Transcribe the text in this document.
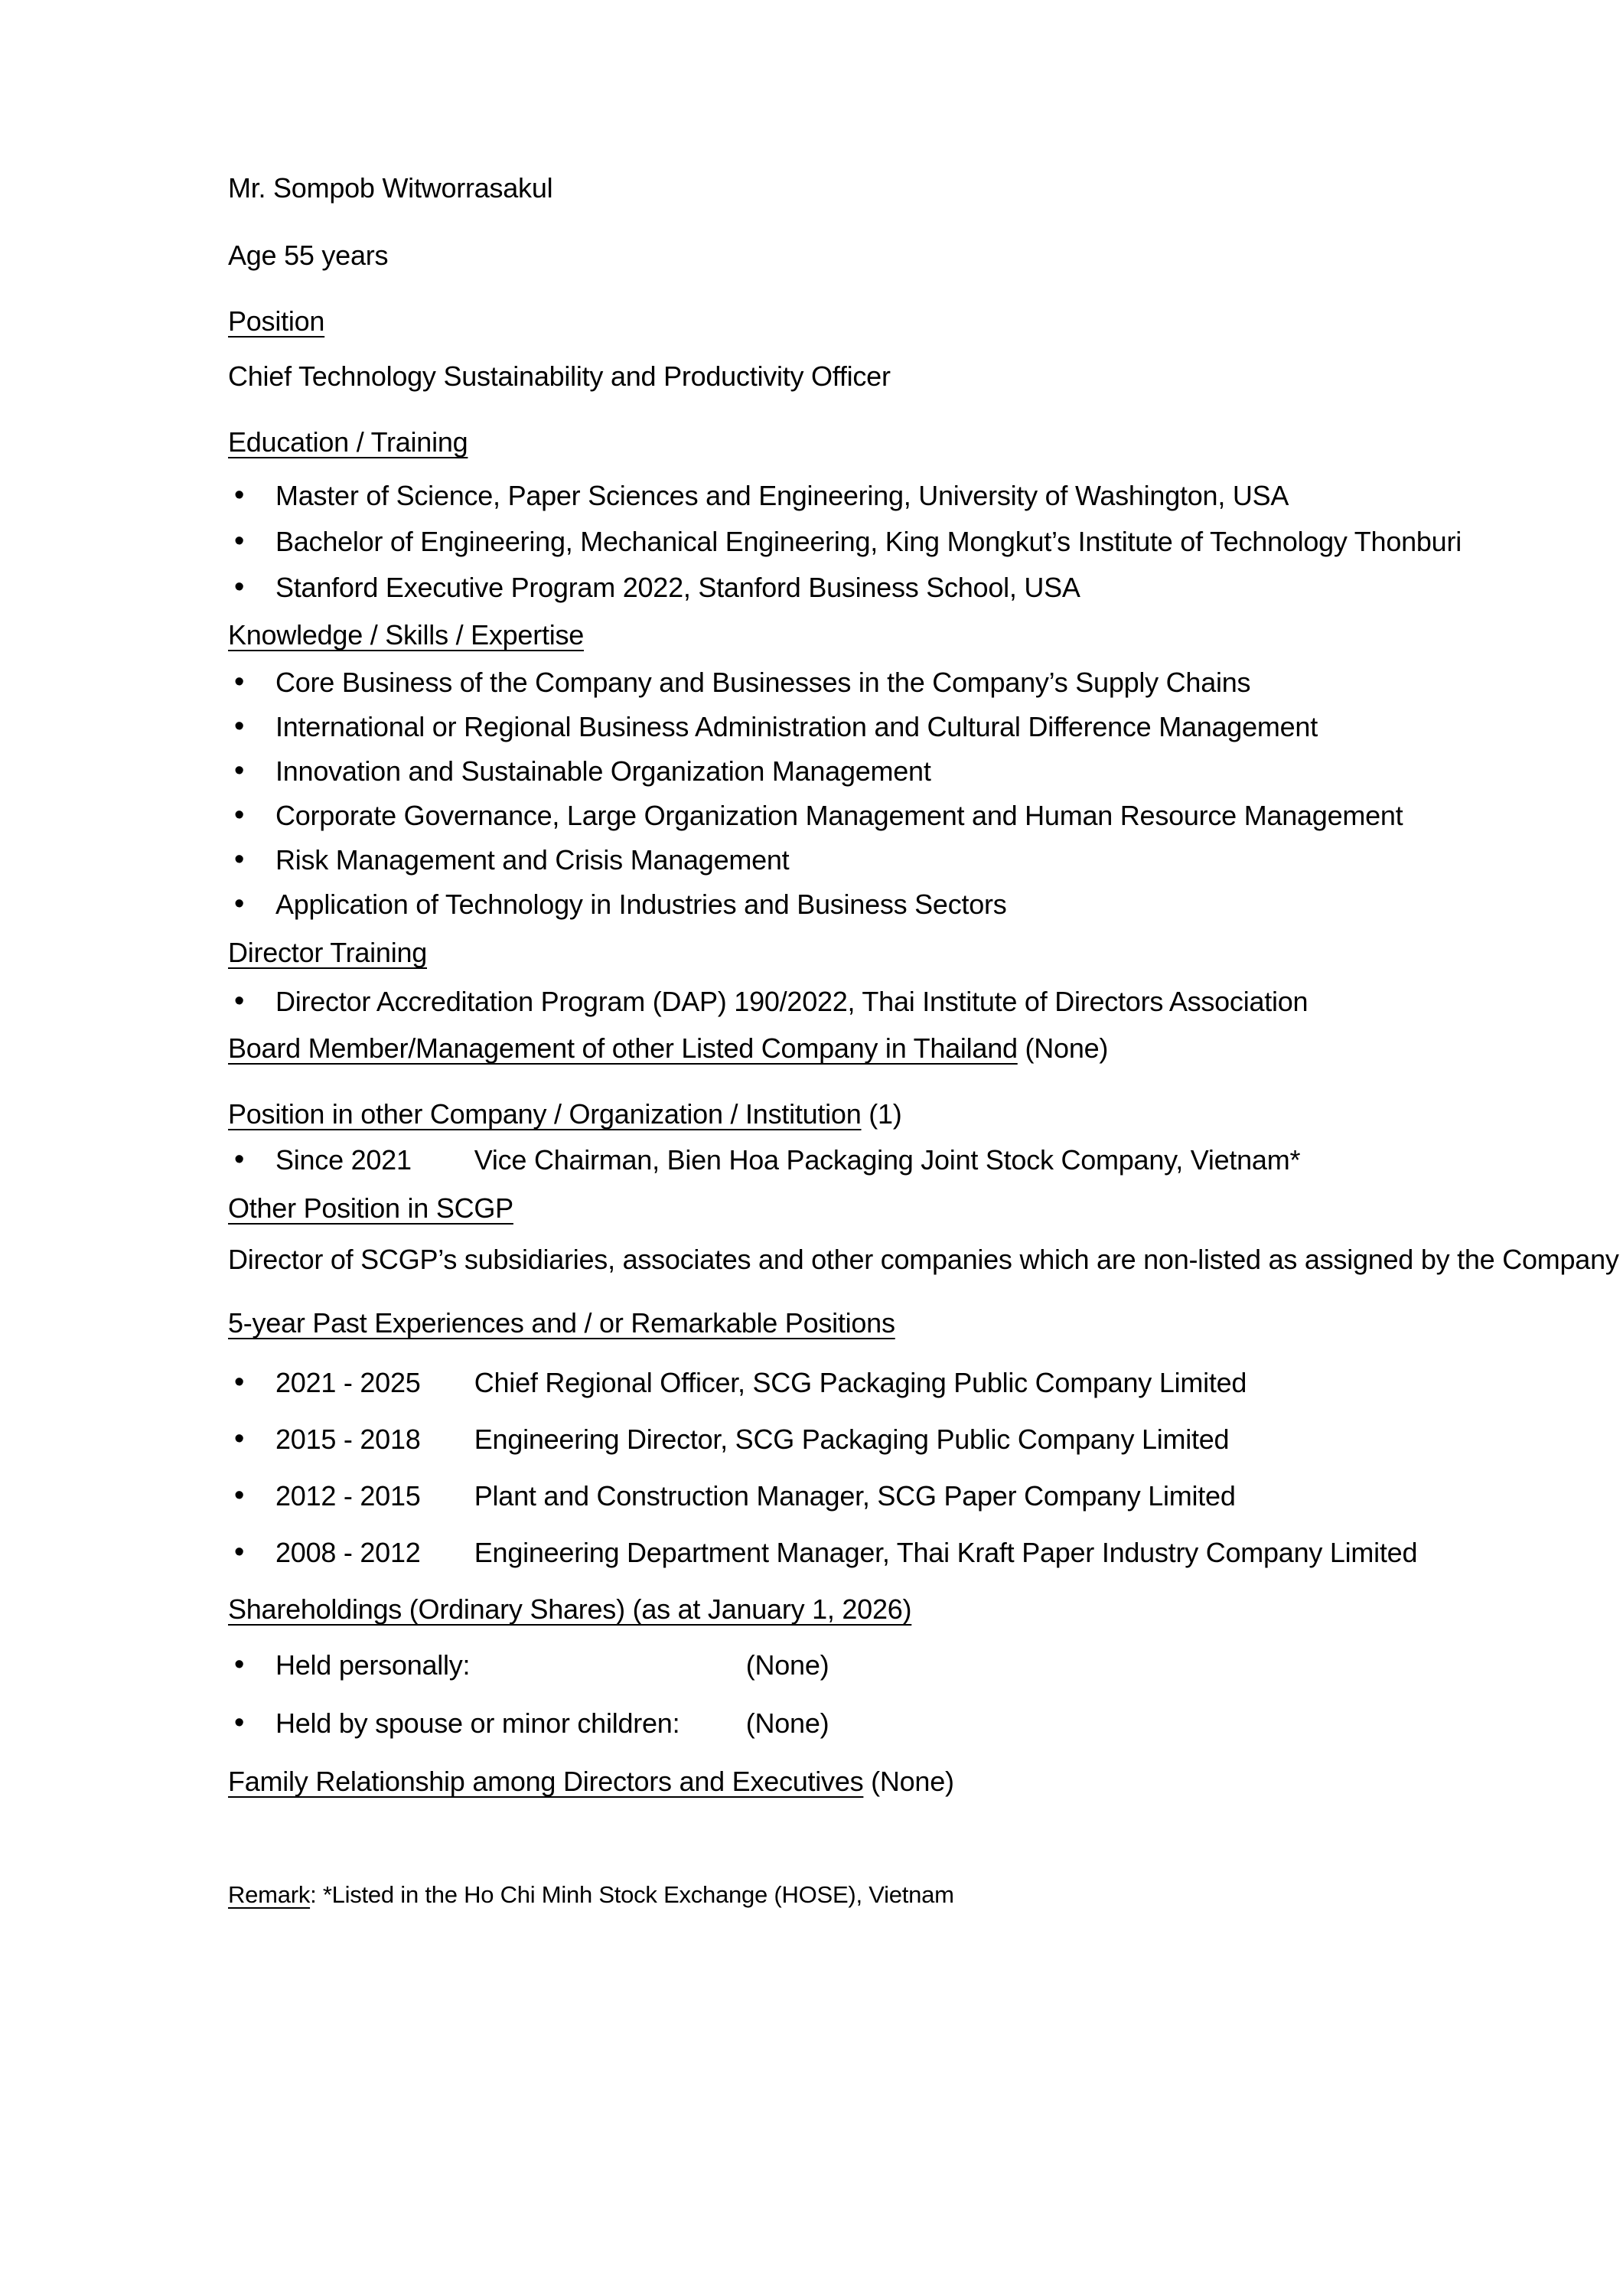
Mr. Sompob Witworrasakul
Age 55 years
Position
Chief Technology Sustainability and Productivity Officer
Education / Training
• Master of Science, Paper Sciences and Engineering, University of Washington, USA
• Bachelor of Engineering, Mechanical Engineering, King Mongkut’s Institute of Technology Thonburi
• Stanford Executive Program 2022, Stanford Business School, USA
Knowledge / Skills / Expertise
• Core Business of the Company and Businesses in the Company’s Supply Chains
• International or Regional Business Administration and Cultural Difference Management
• Innovation and Sustainable Organization Management
• Corporate Governance, Large Organization Management and Human Resource Management
• Risk Management and Crisis Management
• Application of Technology in Industries and Business Sectors
Director Training
• Director Accreditation Program (DAP) 190/2022, Thai Institute of Directors Association
Board Member/Management of other Listed Company in Thailand (None)
Position in other Company / Organization / Institution (1)
• Since 2021 Vice Chairman, Bien Hoa Packaging Joint Stock Company, Vietnam*
Other Position in SCGP
Director of SCGP’s subsidiaries, associates and other companies which are non-listed as assigned by the Company
5-year Past Experiences and / or Remarkable Positions
• 2021 - 2025 Chief Regional Officer, SCG Packaging Public Company Limited
• 2015 - 2018 Engineering Director, SCG Packaging Public Company Limited
• 2012 - 2015 Plant and Construction Manager, SCG Paper Company Limited
• 2008 - 2012 Engineering Department Manager, Thai Kraft Paper Industry Company Limited
Shareholdings (Ordinary Shares) (as at January 1, 2026)
• Held personally:	(None)
• Held by spouse or minor children: (None)
Family Relationship among Directors and Executives (None)
Remark: *Listed in the Ho Chi Minh Stock Exchange (HOSE), Vietnam
